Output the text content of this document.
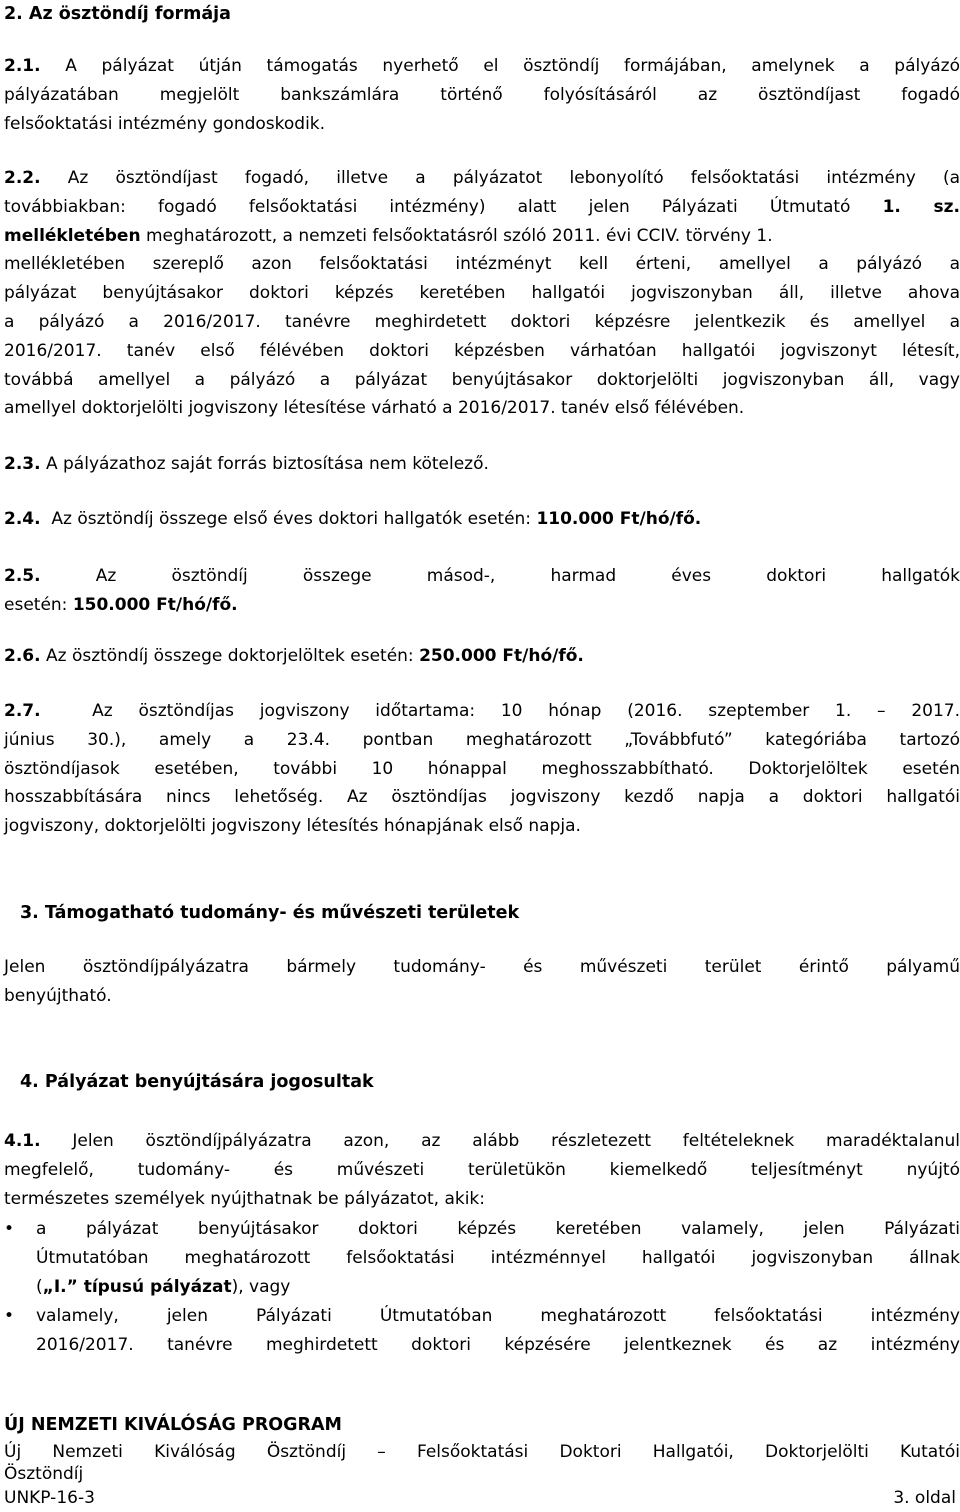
2. Az ösztöndíj formája
2.1. A pályázat útján támogatás nyerhető el ösztöndíj formájában, amelynek a pályázó
pályázatában megjelölt bankszámlára történő folyósításáról az ösztöndíjast fogadó
felsőoktatási intézmény gondoskodik.
2.2. Az ösztöndíjast fogadó, illetve a pályázatot lebonyolító felsőoktatási intézmény (a
továbbiakban: fogadó felsőoktatási intézmény) alatt jelen Pályázati Útmutató 1. sz.
mellékletében meghatározott, a nemzeti felsőoktatásról szóló 2011. évi CCIV. törvény 1.
mellékletében szereplő azon felsőoktatási intézményt kell érteni, amellyel a pályázó a
pályázat benyújtásakor doktori képzés keretében hallgatói jogviszonyban áll, illetve ahova
a pályázó a 2016/2017. tanévre meghirdetett doktori képzésre jelentkezik és amellyel a
2016/2017. tanév első félévében doktori képzésben várhatóan hallgatói jogviszonyt létesít,
továbbá amellyel a pályázó a pályázat benyújtásakor doktorjelölti jogviszonyban áll, vagy
amellyel doktorjelölti jogviszony létesítése várható a 2016/2017. tanév első félévében.
2.3. A pályázathoz saját forrás biztosítása nem kötelező.
2.4. Az ösztöndíj összege első éves doktori hallgatók esetén: 110.000 Ft/hó/fő.
2.5.	Az ösztöndíj összege másod-, harmad éves doktori hallgatók
esetén: 150.000 Ft/hó/fő.
2.6. Az ösztöndíj összege doktorjelöltek esetén: 250.000 Ft/hó/fő.
2.7.	Az ösztöndíjas jogviszony időtartama: 10 hónap (2016. szeptember 1. – 2017.
június 30.), amely a 23.4. pontban meghatározott „Továbbfutó” kategóriába tartozó
ösztöndíjasok esetében, további 10 hónappal meghosszabbítható. Doktorjelöltek esetén
hosszabbítására nincs lehetőség. Az ösztöndíjas jogviszony kezdő napja a doktori hallgatói
jogviszony, doktorjelölti jogviszony létesítés hónapjának első napja.
3. Támogatható tudomány- és művészeti területek
Jelen ösztöndíjpályázatra bármely tudomány- és művészeti terület érintő pályamű
benyújtható.
4. Pályázat benyújtására jogosultak
4.1. Jelen ösztöndíjpályázatra azon, az alább részletezett feltételeknek maradéktalanul
megfelelő, tudomány- és művészeti területükön kiemelkedő teljesítményt nyújtó
természetes személyek nyújthatnak be pályázatot, akik:
• a pályázat benyújtásakor doktori képzés keretében valamely, jelen Pályázati
Útmutatóban meghatározott felsőoktatási intézménnyel hallgatói jogviszonyban állnak
(„I.” típusú pályázat), vagy
• valamely, jelen Pályázati Útmutatóban meghatározott felsőoktatási intézmény
2016/2017. tanévre meghirdetett doktori képzésére jelentkeznek és az intézmény
ÚJ NEMZETI KIVÁLÓSÁG PROGRAM
Új Nemzeti Kiválóság Ösztöndíj – Felsőoktatási Doktori Hallgatói, Doktorjelölti Kutatói
Ösztöndíj
UNKP-16-3	3. oldal
